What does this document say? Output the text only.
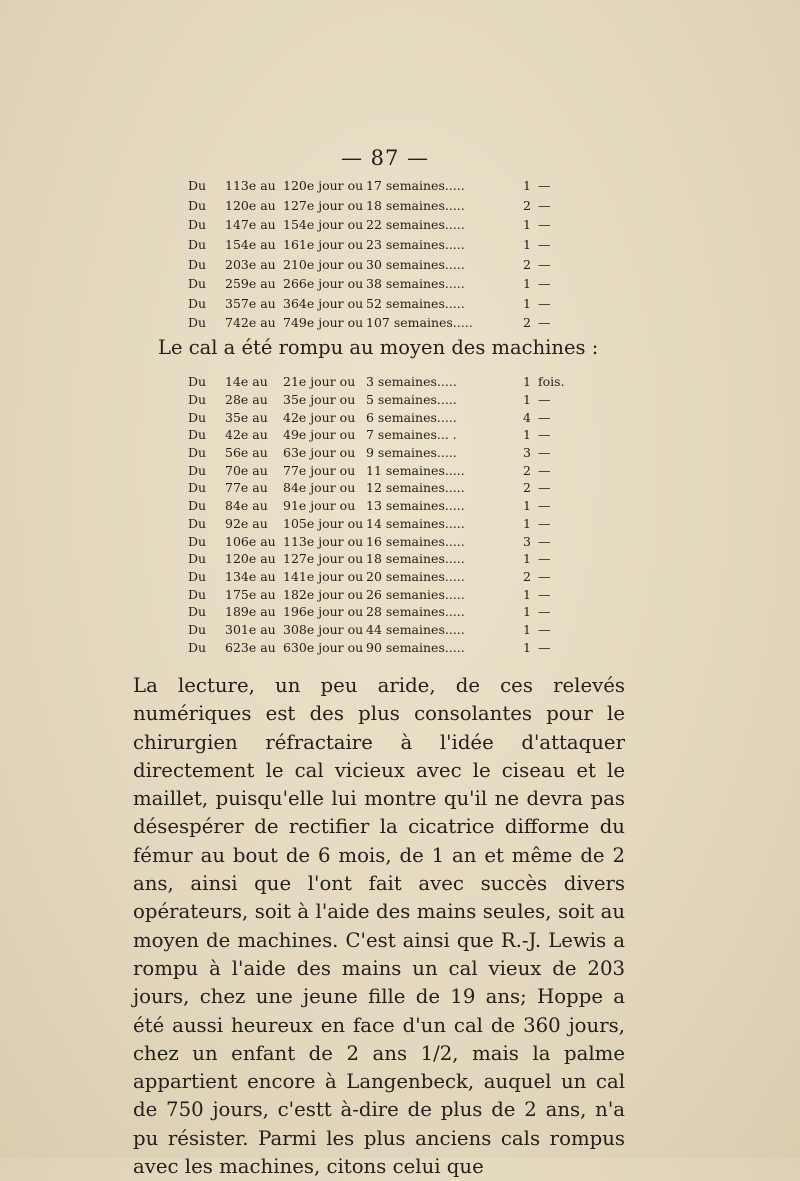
— 87 —
Du	113e au	120e jour ou	17 semaines.....	1	—
Du	120e au	127e jour ou	18 semaines.....	2	—
Du	147e au	154e jour ou	22 semaines.....	1	—
Du	154e au	161e jour ou	23 semaines.....	1	—
Du	203e au	210e jour ou	30 semaines.....	2	—
Du	259e au	266e jour ou	38 semaines.....	1	—
Du	357e au	364e jour ou	52 semaines.....	1	—
Du	742e au	749e jour ou	107 semaines.....	2	—
Le cal a été rompu au moyen des machines :
Du	14e au	21e jour ou	3 semaines.....	1	fois.
Du	28e au	35e jour ou	5 semaines.....	1	—
Du	35e au	42e jour ou	6 semaines.....	4	—
Du	42e au	49e jour ou	7 semaines... .	1	—
Du	56e au	63e jour ou	9 semaines.....	3	—
Du	70e au	77e jour ou	11 semaines.....	2	—
Du	77e au	84e jour ou	12 semaines.....	2	—
Du	84e au	91e jour ou	13 semaines.....	1	—
Du	92e au	105e jour ou	14 semaines.....	1	—
Du	106e au	113e jour ou	16 semaines.....	3	—
Du	120e au	127e jour ou	18 semaines.....	1	—
Du	134e au	141e jour ou	20 semaines.....	2	—
Du	175e au	182e jour ou	26 semanies.....	1	—
Du	189e au	196e jour ou	28 semaines.....	1	—
Du	301e au	308e jour ou	44 semaines.....	1	—
Du	623e au	630e jour ou	90 semaines.....	1	—

La lecture, un peu aride, de ces relevés numériques est des plus consolantes pour le chirurgien réfractaire à l'idée d'attaquer directement le cal vicieux avec le ciseau et le maillet, puisqu'elle lui montre qu'il ne devra pas désespérer de rectifier la cicatrice difforme du fémur au bout de 6 mois, de 1 an et même de 2 ans, ainsi que l'ont fait avec succès divers opérateurs, soit à l'aide des mains seules, soit au moyen de machines. C'est ainsi que R.-J. Lewis a rompu à l'aide des mains un cal vieux de 203 jours, chez une jeune fille de 19 ans; Hoppe a été aussi heureux en face d'un cal de 360 jours, chez un enfant de 2 ans 1/2, mais la palme appartient encore à Langenbeck, auquel un cal de 750 jours, c'estt à-dire de plus de 2 ans, n'a pu résister. Parmi les plus anciens cals rompus avec les machines, citons celui que
